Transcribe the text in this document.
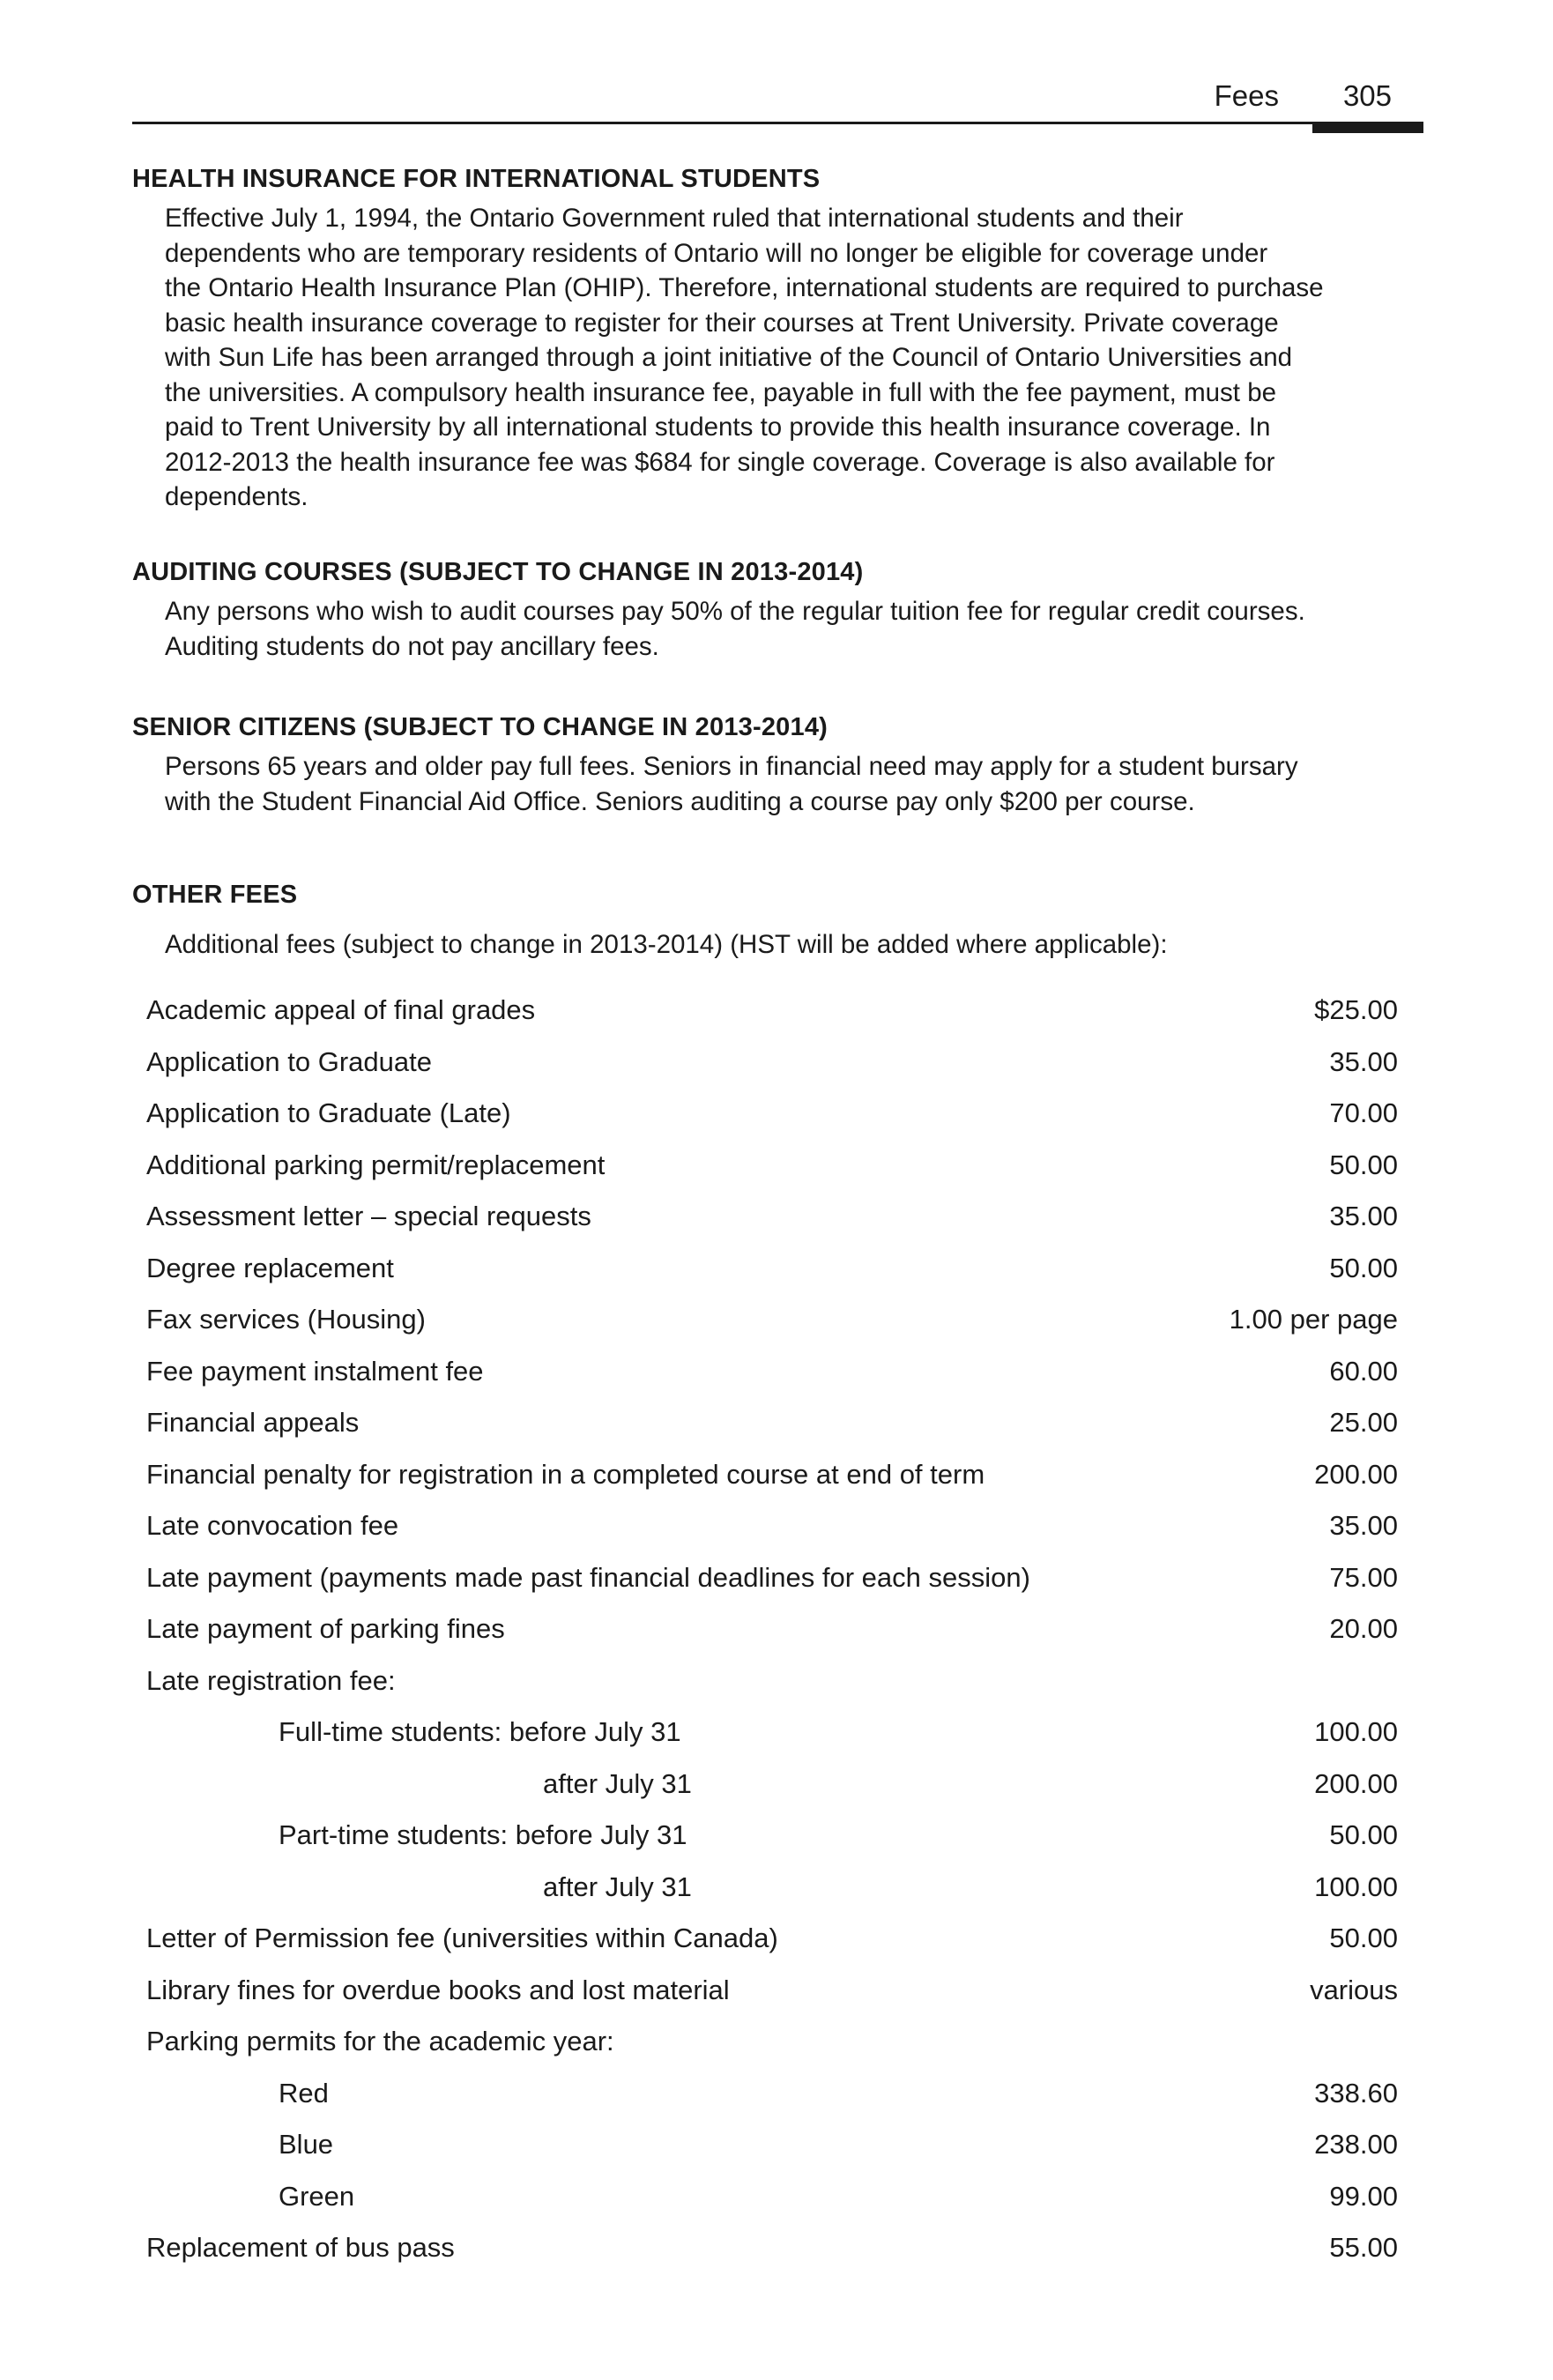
Fees 305
HEALTH INSURANCE FOR INTERNATIONAL STUDENTS
Effective July 1, 1994, the Ontario Government ruled that international students and their
dependents who are temporary residents of Ontario will no longer be eligible for coverage under
the Ontario Health Insurance Plan (OHIP). Therefore, international students are required to purchase
basic health insurance coverage to register for their courses at Trent University. Private coverage
with Sun Life has been arranged through a joint initiative of the Council of Ontario Universities and
the universities. A compulsory health insurance fee, payable in full with the fee payment, must be
paid to Trent University by all international students to provide this health insurance coverage. In
2012-2013 the health insurance fee was $684 for single coverage. Coverage is also available for
dependents.
AUDITING COURSES (SUBJECT TO CHANGE IN 2013-2014)
Any persons who wish to audit courses pay 50% of the regular tuition fee for regular credit courses.
Auditing students do not pay ancillary fees.
SENIOR CITIZENS (SUBJECT TO CHANGE IN 2013-2014)
Persons 65 years and older pay full fees. Seniors in financial need may apply for a student bursary
with the Student Financial Aid Office. Seniors auditing a course pay only $200 per course.
OTHER FEES
Additional fees (subject to change in 2013-2014) (HST will be added where applicable):
Academic appeal of final grades	$25.00
Application to Graduate	35.00
Application to Graduate (Late)	70.00
Additional parking permit/replacement	50.00
Assessment letter – special requests	35.00
Degree replacement	50.00
Fax services (Housing)	1.00 per page
Fee payment instalment fee	60.00
Financial appeals	25.00
Financial penalty for registration in a completed course at end of term	200.00
Late convocation fee	35.00
Late payment (payments made past financial deadlines for each session)	75.00
Late payment of parking fines	20.00
Late registration fee:
Full-time students: before July 31	100.00
after July 31	200.00
Part-time students: before July 31	50.00
after July 31	100.00
Letter of Permission fee (universities within Canada)	50.00
Library fines for overdue books and lost material	various
Parking permits for the academic year:
Red	338.60
Blue	238.00
Green	99.00
Replacement of bus pass	55.00
